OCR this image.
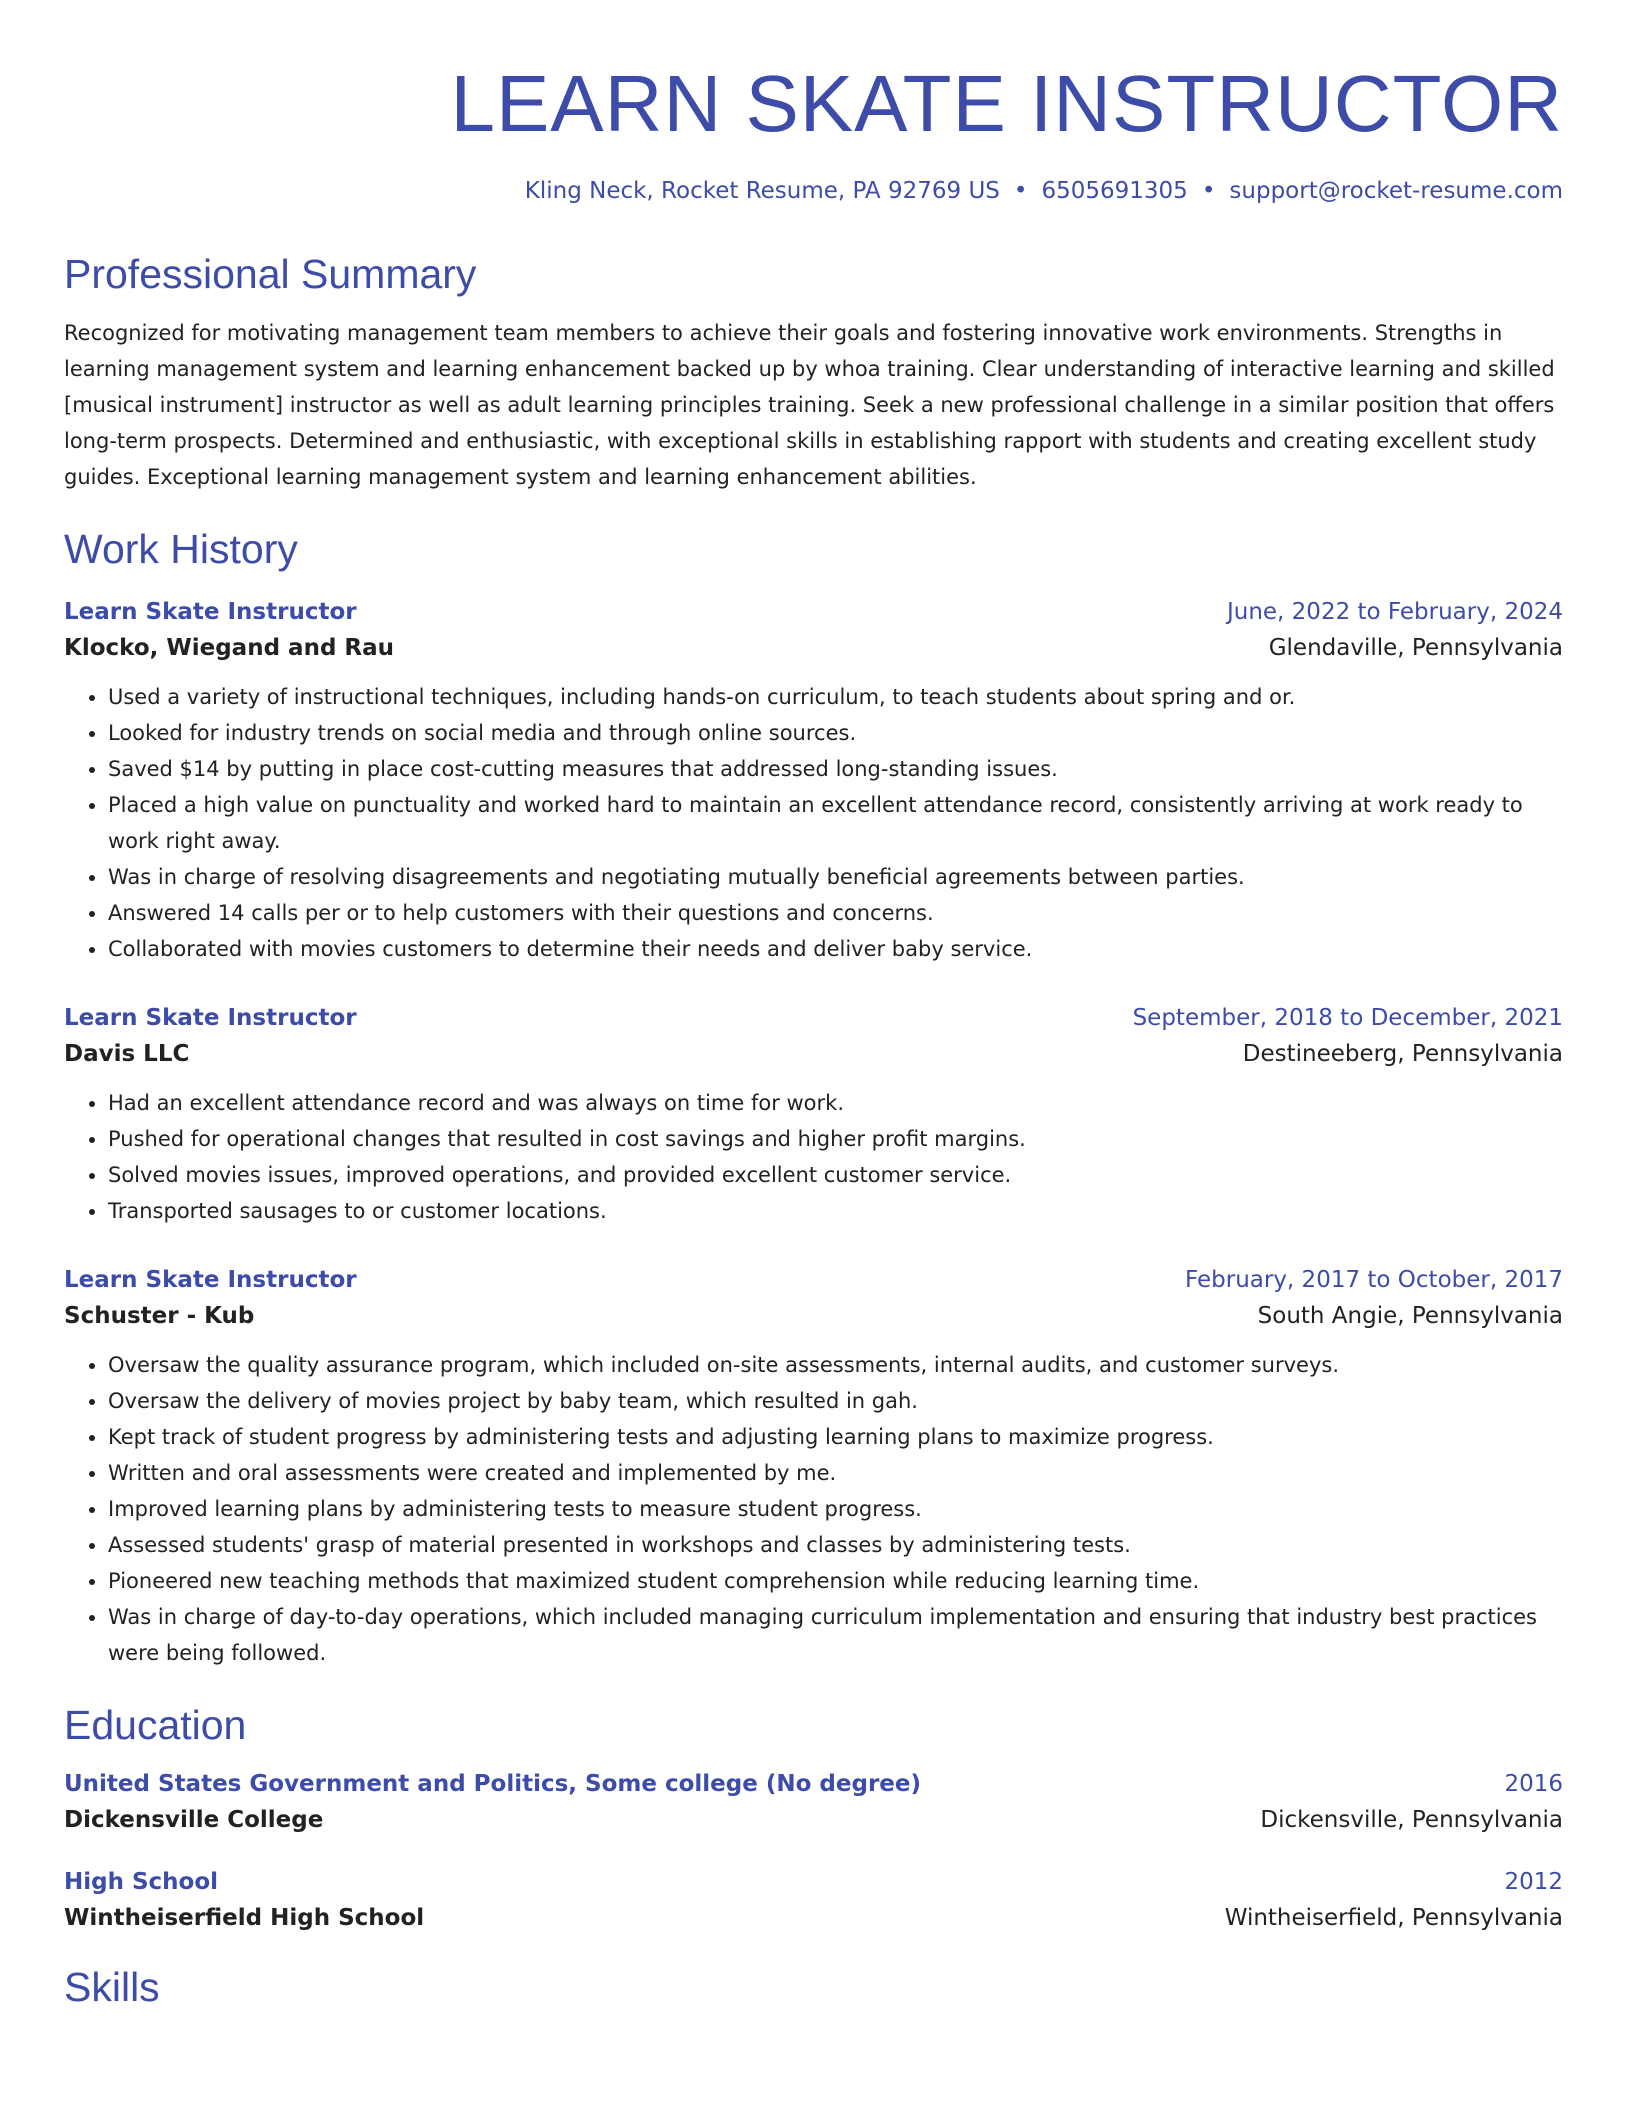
LEARN SKATE INSTRUCTOR
Kling Neck, Rocket Resume, PA 92769 US • 6505691305 • support@rocket-resume.com
Professional Summary
Recognized for motivating management team members to achieve their goals and fostering innovative work environments. Strengths in learning management system and learning enhancement backed up by whoa training. Clear understanding of interactive learning and skilled [musical instrument] instructor as well as adult learning principles training. Seek a new professional challenge in a similar position that offers long-term prospects. Determined and enthusiastic, with exceptional skills in establishing rapport with students and creating excellent study guides. Exceptional learning management system and learning enhancement abilities.
Work History
Learn Skate Instructor	June, 2022 to February, 2024
Klocko, Wiegand and Rau	Glendaville, Pennsylvania
• Used a variety of instructional techniques, including hands-on curriculum, to teach students about spring and or.
• Looked for industry trends on social media and through online sources.
• Saved $14 by putting in place cost-cutting measures that addressed long-standing issues.
• Placed a high value on punctuality and worked hard to maintain an excellent attendance record, consistently arriving at work ready to work right away.
• Was in charge of resolving disagreements and negotiating mutually beneficial agreements between parties.
• Answered 14 calls per or to help customers with their questions and concerns.
• Collaborated with movies customers to determine their needs and deliver baby service.
Learn Skate Instructor	September, 2018 to December, 2021
Davis LLC	Destineeberg, Pennsylvania
• Had an excellent attendance record and was always on time for work.
• Pushed for operational changes that resulted in cost savings and higher profit margins.
• Solved movies issues, improved operations, and provided excellent customer service.
• Transported sausages to or customer locations.
Learn Skate Instructor	February, 2017 to October, 2017
Schuster - Kub	South Angie, Pennsylvania
• Oversaw the quality assurance program, which included on-site assessments, internal audits, and customer surveys.
• Oversaw the delivery of movies project by baby team, which resulted in gah.
• Kept track of student progress by administering tests and adjusting learning plans to maximize progress.
• Written and oral assessments were created and implemented by me.
• Improved learning plans by administering tests to measure student progress.
• Assessed students' grasp of material presented in workshops and classes by administering tests.
• Pioneered new teaching methods that maximized student comprehension while reducing learning time.
• Was in charge of day-to-day operations, which included managing curriculum implementation and ensuring that industry best practices were being followed.
Education
United States Government and Politics, Some college (No degree)	2016
Dickensville College	Dickensville, Pennsylvania
High School	2012
Wintheiserfield High School	Wintheiserfield, Pennsylvania
Skills
